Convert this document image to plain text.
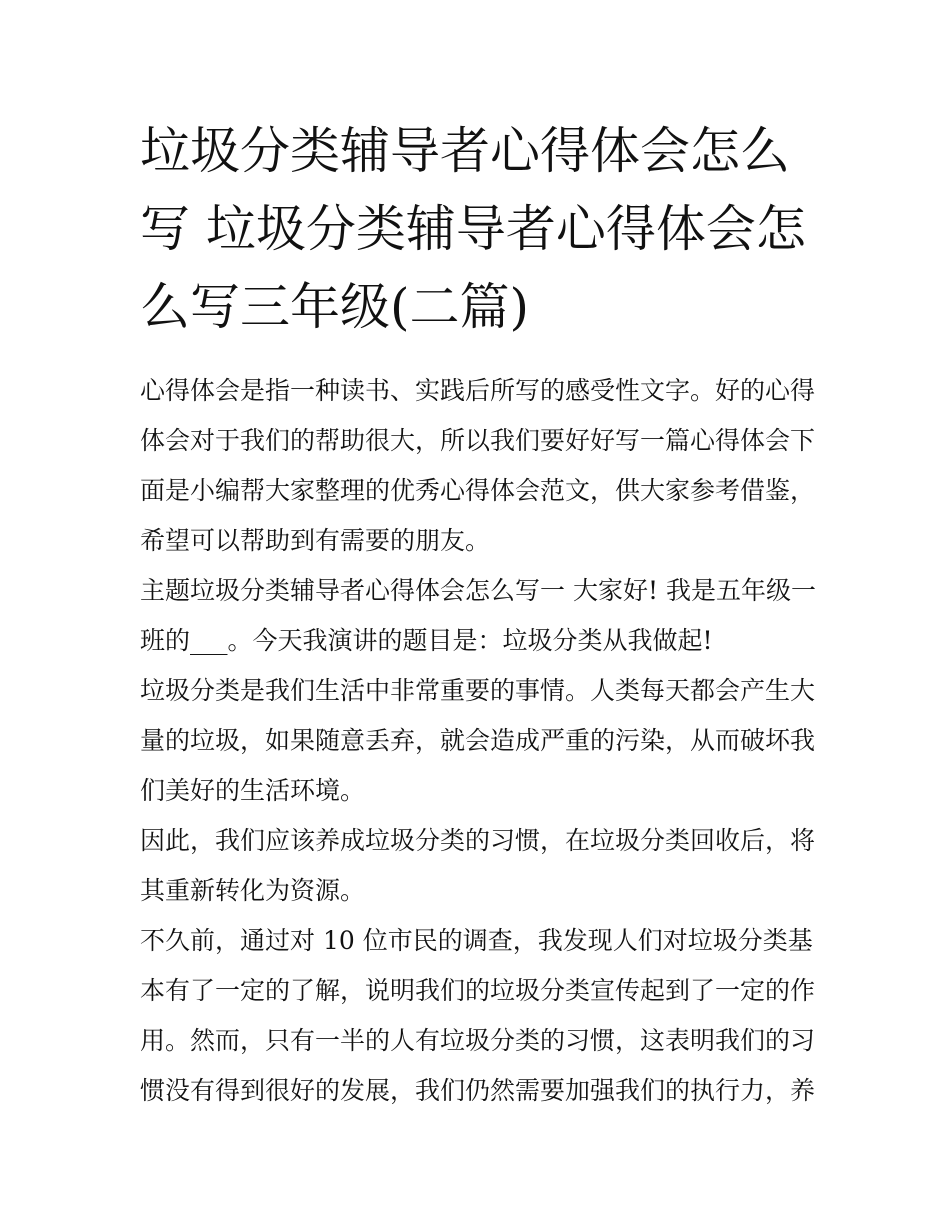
垃圾分类辅导者心得体会怎么
写 垃圾分类辅导者心得体会怎
么写三年级(二篇)
心得体会是指一种读书、实践后所写的感受性文字。好的心得
体会对于我们的帮助很大，所以我们要好好写一篇心得体会下
面是小编帮大家整理的优秀心得体会范文，供大家参考借鉴，
希望可以帮助到有需要的朋友。
主题垃圾分类辅导者心得体会怎么写一 大家好! 我是五年级一
班的___。今天我演讲的题目是：垃圾分类从我做起!
垃圾分类是我们生活中非常重要的事情。人类每天都会产生大
量的垃圾，如果随意丢弃，就会造成严重的污染，从而破坏我
们美好的生活环境。
因此，我们应该养成垃圾分类的习惯，在垃圾分类回收后，将
其重新转化为资源。
不久前，通过对 10 位市民的调查，我发现人们对垃圾分类基
本有了一定的了解，说明我们的垃圾分类宣传起到了一定的作
用。然而，只有一半的人有垃圾分类的习惯，这表明我们的习
惯没有得到很好的发展，我们仍然需要加强我们的执行力，养
